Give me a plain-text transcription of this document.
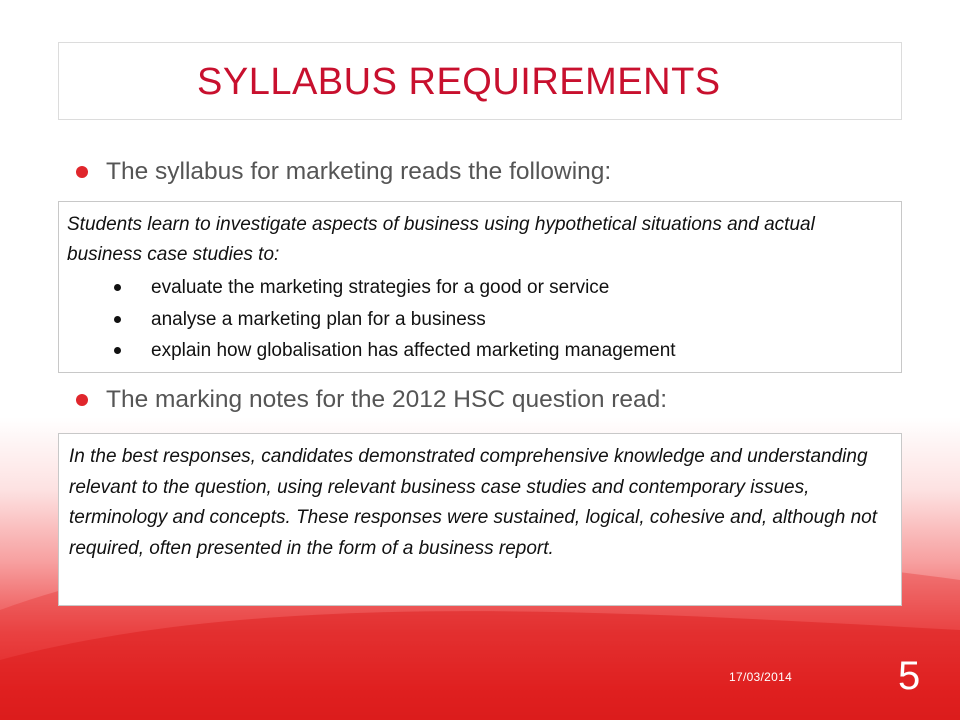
SYLLABUS REQUIREMENTS
The syllabus for marketing reads the following:

Students learn to investigate aspects of business using hypothetical situations and actual business case studies to:

evaluate the marketing strategies for a good or service
analyse a marketing plan for a business
explain how globalisation has affected marketing management
The marking notes for the 2012 HSC question read:

In the best responses, candidates demonstrated comprehensive knowledge and understanding relevant to the question, using relevant business case studies and contemporary issues, terminology and concepts. These responses were sustained, logical, cohesive and, although not required, often presented in the form of a business report.

17/03/2014	5
